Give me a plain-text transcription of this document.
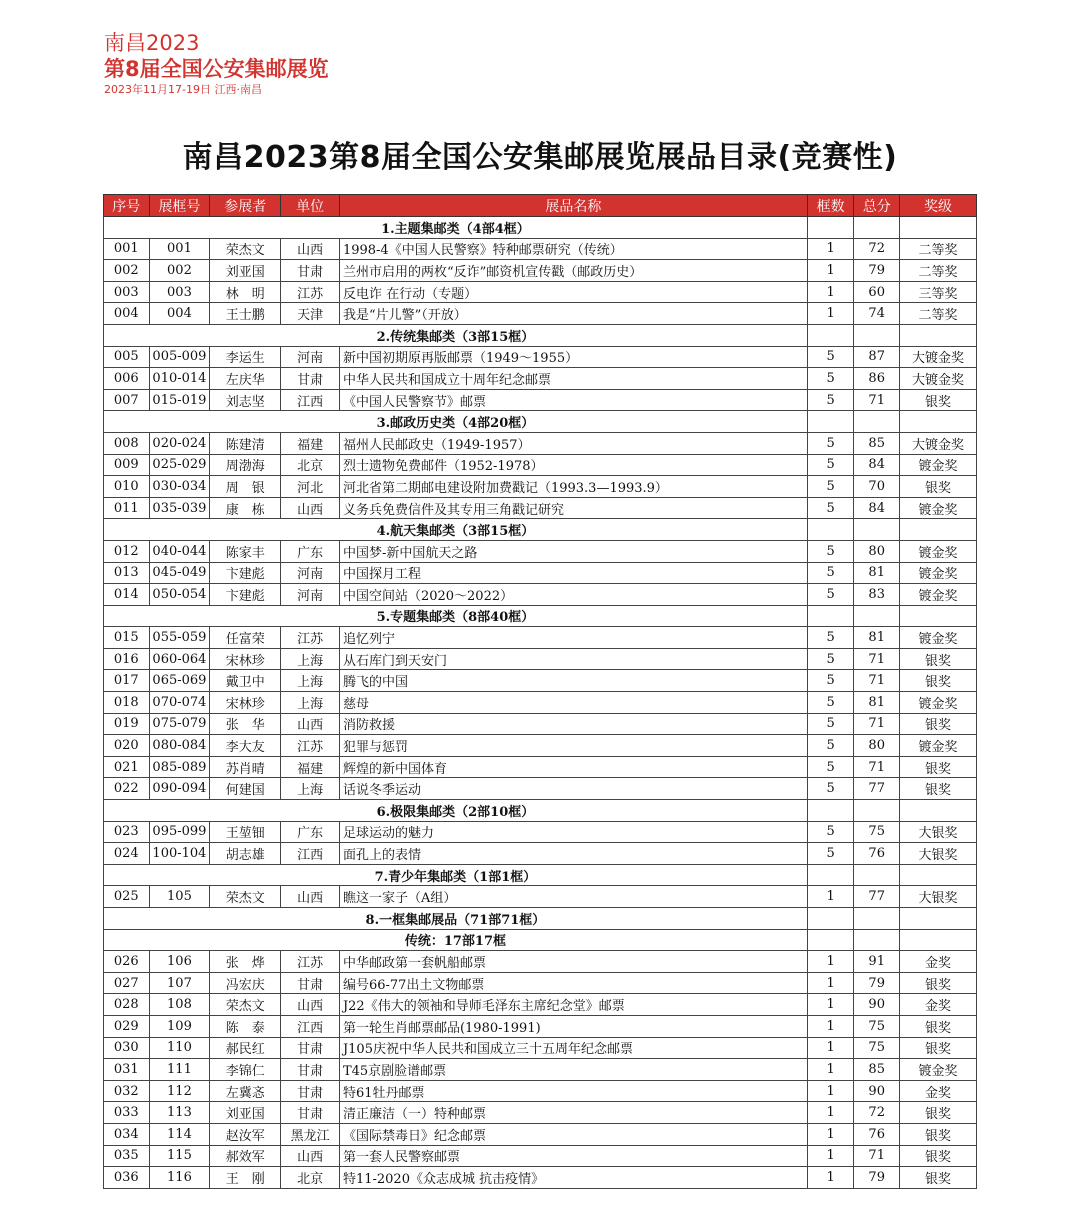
南昌2023
第8届全国公安集邮展览
2023年11月17-19日 江西·南昌
南昌2023第8届全国公安集邮展览展品目录(竞赛性)
序号	展框号	参展者	单位	展品名称	框数	总分	奖级
1.主题集邮类（4部4框）							
001	001	荣杰文	山西	1998-4《中国人民警察》特种邮票研究（传统）	1	72	二等奖
002	002	刘亚国	甘肃	兰州市启用的两枚“反诈”邮资机宣传戳（邮政历史）	1	79	二等奖
003	003	林　明	江苏	反电诈 在行动（专题）	1	60	三等奖
004	004	王士鹏	天津	我是“片儿警”（开放）	1	74	二等奖
2.传统集邮类（3部15框）							
005	005-009	李运生	河南	新中国初期原再版邮票（1949～1955）	5	87	大镀金奖
006	010-014	左庆华	甘肃	中华人民共和国成立十周年纪念邮票	5	86	大镀金奖
007	015-019	刘志坚	江西	《中国人民警察节》邮票	5	71	银奖
3.邮政历史类（4部20框）							
008	020-024	陈建清	福建	福州人民邮政史（1949-1957）	5	85	大镀金奖
009	025-029	周渤海	北京	烈士遗物免费邮件（1952-1978）	5	84	镀金奖
010	030-034	周　银	河北	河北省第二期邮电建设附加费戳记（1993.3—1993.9）	5	70	银奖
011	035-039	康　栋	山西	义务兵免费信件及其专用三角戳记研究	5	84	镀金奖
4.航天集邮类（3部15框）							
012	040-044	陈家丰	广东	中国梦-新中国航天之路	5	80	镀金奖
013	045-049	卞建彪	河南	中国探月工程	5	81	镀金奖
014	050-054	卞建彪	河南	中国空间站（2020～2022）	5	83	镀金奖
5.专题集邮类（8部40框）							
015	055-059	任富荣	江苏	追忆列宁	5	81	镀金奖
016	060-064	宋林珍	上海	从石库门到天安门	5	71	银奖
017	065-069	戴卫中	上海	腾飞的中国	5	71	银奖
018	070-074	宋林珍	上海	慈母	5	81	镀金奖
019	075-079	张　华	山西	消防救援	5	71	银奖
020	080-084	李大友	江苏	犯罪与惩罚	5	80	镀金奖
021	085-089	苏肖晴	福建	辉煌的新中国体育	5	71	银奖
022	090-094	何建国	上海	话说冬季运动	5	77	银奖
6.极限集邮类（2部10框）							
023	095-099	王堃钿	广东	足球运动的魅力	5	75	大银奖
024	100-104	胡志雄	江西	面孔上的表情	5	76	大银奖
7.青少年集邮类（1部1框）							
025	105	荣杰文	山西	瞧这一家子（A组）	1	77	大银奖
8.一框集邮展品（71部71框）							
传统：17部17框							
026	106	张　烨	江苏	中华邮政第一套帆船邮票	1	91	金奖
027	107	冯宏庆	甘肃	编号66-77出土文物邮票	1	79	银奖
028	108	荣杰文	山西	J22《伟大的领袖和导师毛泽东主席纪念堂》邮票	1	90	金奖
029	109	陈　泰	江西	第一轮生肖邮票邮品(1980-1991)	1	75	银奖
030	110	郝民红	甘肃	J105庆祝中华人民共和国成立三十五周年纪念邮票	1	75	银奖
031	111	李锦仁	甘肃	T45京剧脸谱邮票	1	85	镀金奖
032	112	左冀忞	甘肃	特61牡丹邮票	1	90	金奖
033	113	刘亚国	甘肃	清正廉洁（一）特种邮票	1	72	银奖
034	114	赵汝军	黑龙江	《国际禁毒日》纪念邮票	1	76	银奖
035	115	郝效军	山西	第一套人民警察邮票	1	71	银奖
036	116	王　刚	北京	特11-2020《众志成城 抗击疫情》	1	79	银奖
